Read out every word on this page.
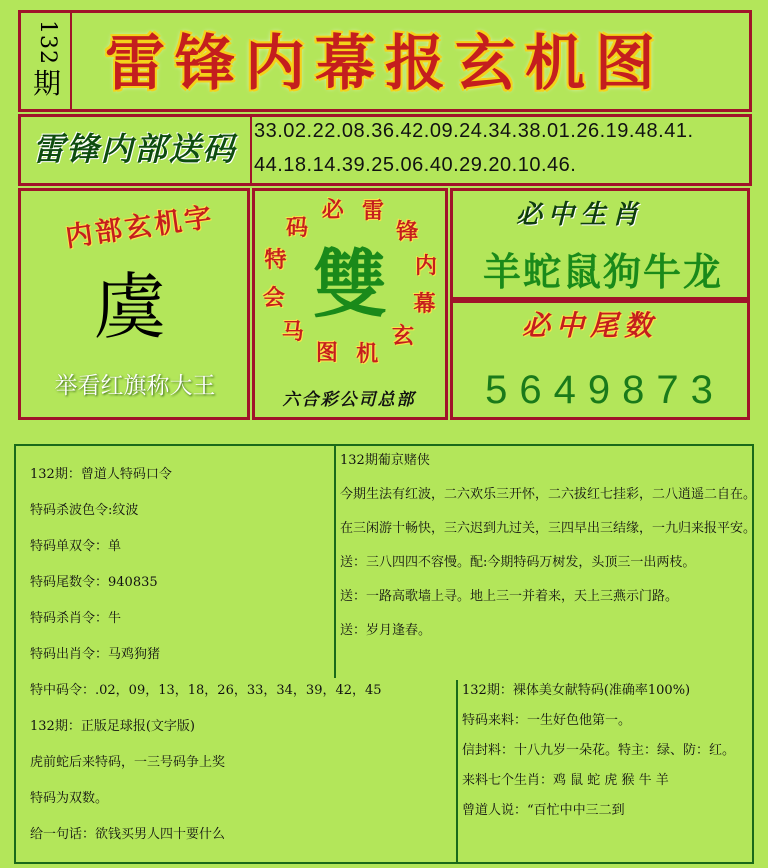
132
期 雷锋内幕报玄机图
雷锋内部送码 33.02.22.08.36.42.09.24.34.38.01.26.19.48.41.
44.18.14.39.25.06.40.29.20.10.46.
内部玄机字
虞
举看红旗称大王
雷
锋
内
幕
玄
机
图
马
会
特
码
必
雙
六合彩公司总部
必中生肖
羊蛇鼠狗牛龙
必中尾数
5649873
132期：曾道人特码口令
特码杀波色令:纹波
特码单双令：单
特码尾数令：940835
特码杀肖令：牛
特码出肖令：马鸡狗猪
特中码令：.02，09，13，18，26，33，34，39，42，45
132期：正版足球报(文字版)
虎前蛇后来特码，一三号码争上奖
特码为双数。
给一句话：欲钱买男人四十要什么
132期葡京赌侠
今期生法有红波，二六欢乐三开怀，二六拔红七挂彩，二八逍遥二自在。
在三闲游十畅快，三六迟到九过关，三四早出三结缘，一九归来报平安。
送：三八四四不容慢。配:今期特码万树发，头顶三一出两枝。
送：一路高歌墙上寻。地上三一并着来，天上三燕示门路。
送：岁月逢春。
132期：裸体美女献特码(准确率100%)
特码来料：一生好色他第一。
信封料：十八九岁一朵花。特主：绿、防：红。
来料七个生肖：鸡 鼠 蛇 虎 猴 牛 羊
曾道人说：“百忙中中三二到
